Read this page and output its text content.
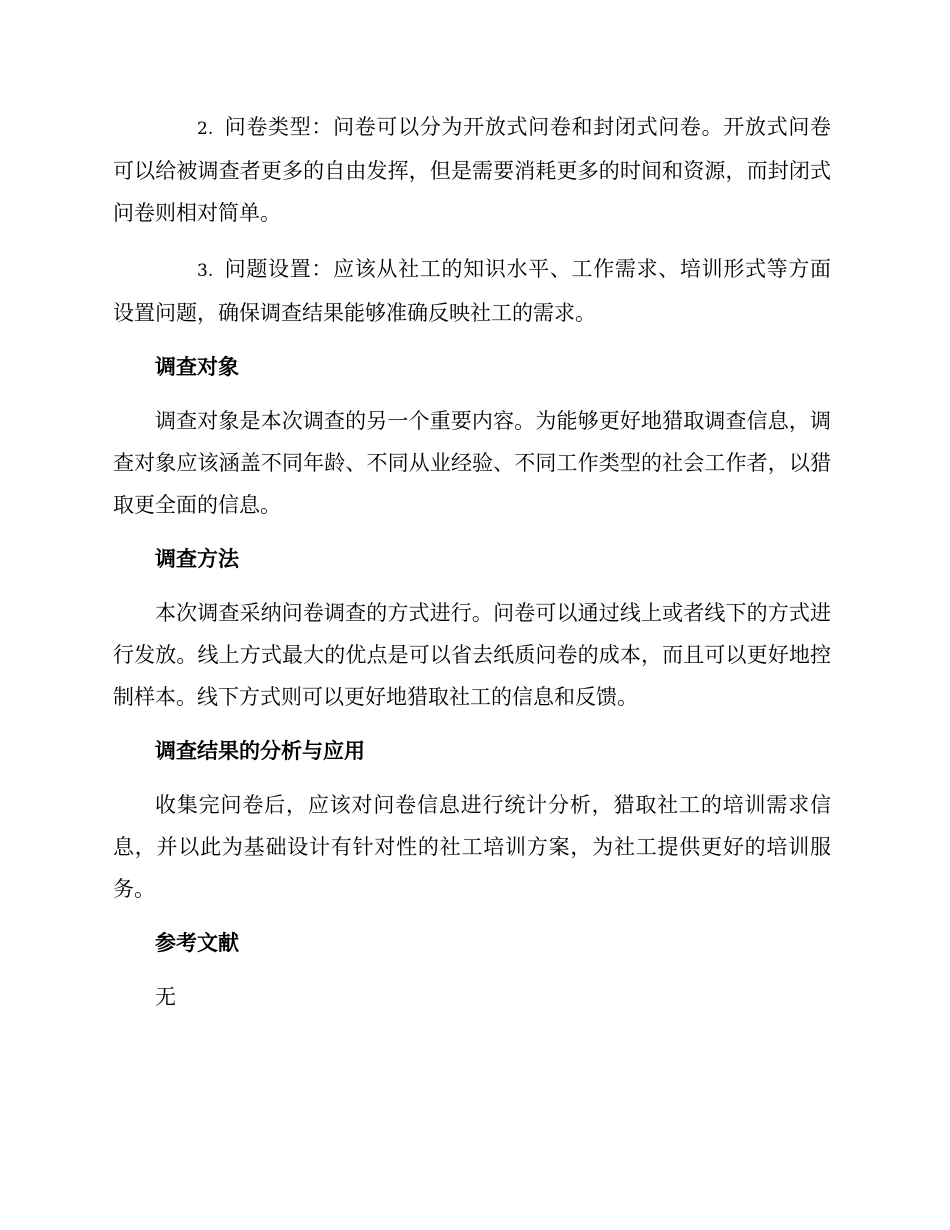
2. 问卷类型：问卷可以分为开放式问卷和封闭式问卷。开放式问卷可以给被调查者更多的自由发挥，但是需要消耗更多的时间和资源，而封闭式问卷则相对简单。

3. 问题设置：应该从社工的知识水平、工作需求、培训形式等方面设置问题，确保调查结果能够准确反映社工的需求。

调查对象

调查对象是本次调查的另一个重要内容。为能够更好地猎取调查信息，调查对象应该涵盖不同年龄、不同从业经验、不同工作类型的社会工作者，以猎取更全面的信息。

调查方法

本次调查采纳问卷调查的方式进行。问卷可以通过线上或者线下的方式进行发放。线上方式最大的优点是可以省去纸质问卷的成本，而且可以更好地控制样本。线下方式则可以更好地猎取社工的信息和反馈。

调查结果的分析与应用

收集完问卷后，应该对问卷信息进行统计分析，猎取社工的培训需求信息，并以此为基础设计有针对性的社工培训方案，为社工提供更好的培训服务。

参考文献

无
